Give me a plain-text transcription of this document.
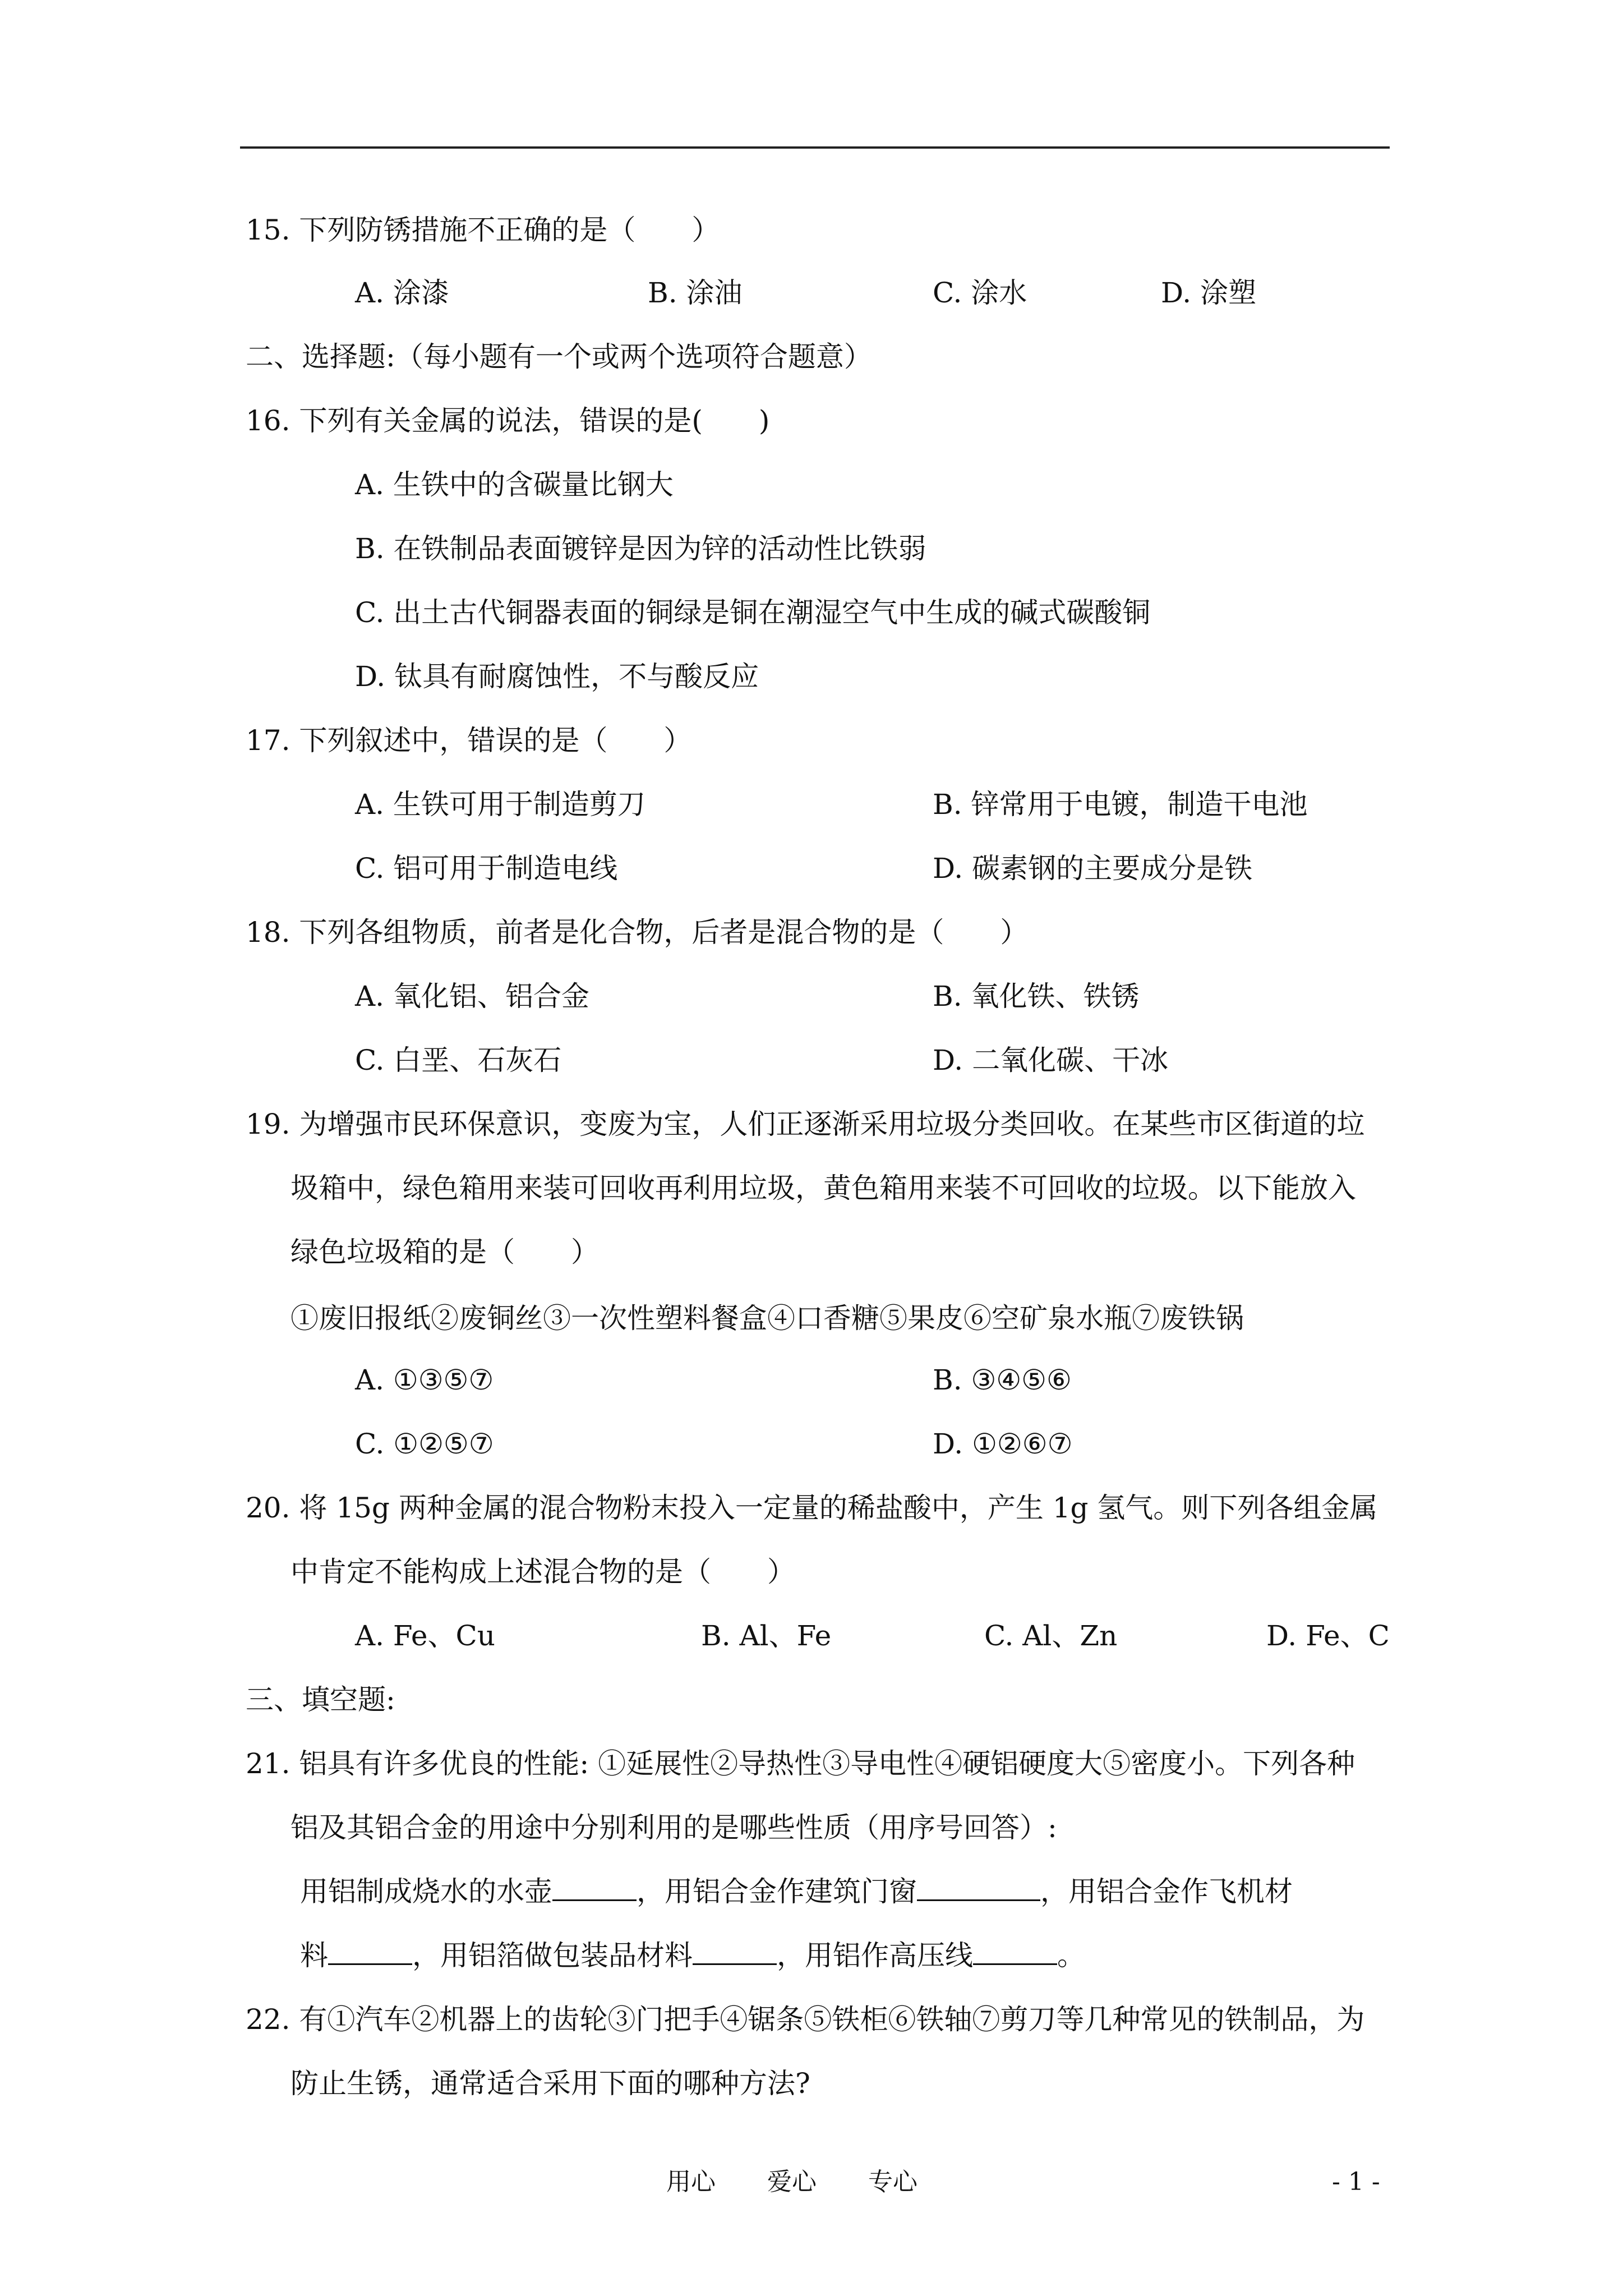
15. 下列防锈措施不正确的是（　　）
A. 涂漆	B. 涂油	C. 涂水	D. 涂塑
二、选择题:（每小题有一个或两个选项符合题意）
16. 下列有关金属的说法，错误的是(　　)
A. 生铁中的含碳量比钢大
B. 在铁制品表面镀锌是因为锌的活动性比铁弱
C. 出土古代铜器表面的铜绿是铜在潮湿空气中生成的碱式碳酸铜
D. 钛具有耐腐蚀性，不与酸反应
17. 下列叙述中，错误的是（　　）
A. 生铁可用于制造剪刀	B. 锌常用于电镀，制造干电池
C. 铝可用于制造电线	D. 碳素钢的主要成分是铁
18. 下列各组物质，前者是化合物，后者是混合物的是（　　）
A. 氧化铝、铝合金	B. 氧化铁、铁锈
C. 白垩、石灰石	D. 二氧化碳、干冰
19. 为增强市民环保意识，变废为宝，人们正逐渐采用垃圾分类回收。在某些市区街道的垃
圾箱中，绿色箱用来装可回收再利用垃圾，黄色箱用来装不可回收的垃圾。以下能放入
绿色垃圾箱的是（　　）
①废旧报纸②废铜丝③一次性塑料餐盒④口香糖⑤果皮⑥空矿泉水瓶⑦废铁锅
A. ①③⑤⑦	B. ③④⑤⑥
C. ①②⑤⑦	D. ①②⑥⑦
20. 将 15g 两种金属的混合物粉末投入一定量的稀盐酸中，产生 1g 氢气。则下列各组金属
中肯定不能构成上述混合物的是（　　）
A. Fe、Cu	B. Al、Fe	C. Al、Zn	D. Fe、C
三、填空题:
21. 铝具有许多优良的性能: ①延展性②导热性③导电性④硬铝硬度大⑤密度小。下列各种
铝及其铝合金的用途中分别利用的是哪些性质（用序号回答）:
用铝制成烧水的水壶	，用铝合金作建筑门窗	，用铝合金作飞机材
料	，用铝箔做包装品材料	，用铝作高压线	。
22. 有①汽车②机器上的齿轮③门把手④锯条⑤铁柜⑥铁轴⑦剪刀等几种常见的铁制品，为
防止生锈，通常适合采用下面的哪种方法?
用心 爱心 专心	- 1 -
